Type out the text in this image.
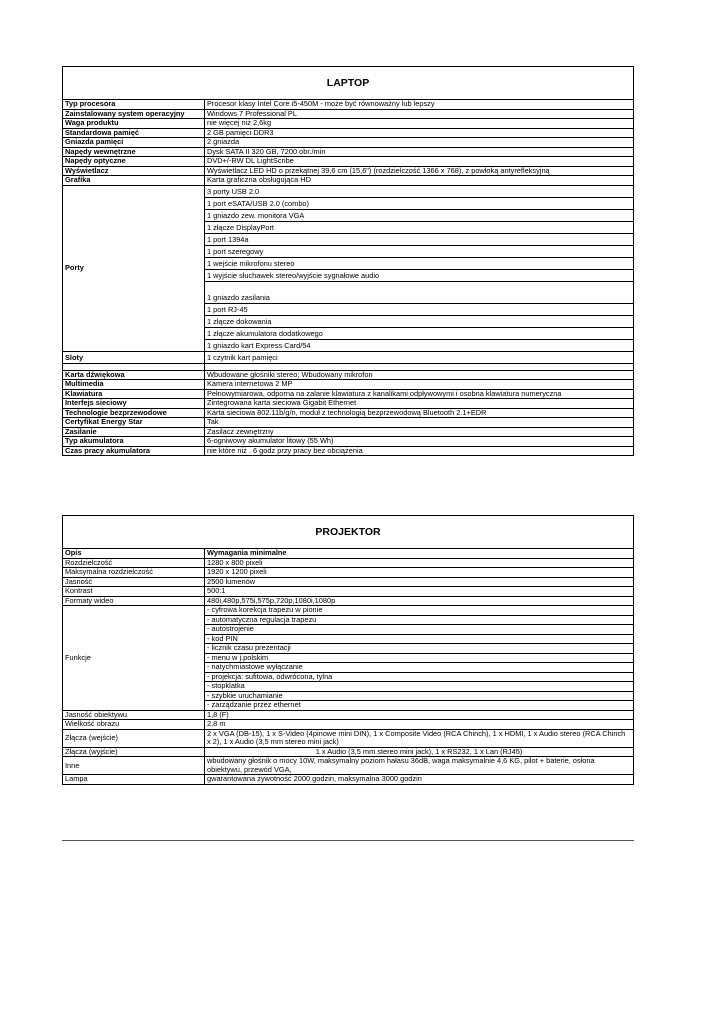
LAPTOP	
Typ procesora	Procesor klasy Intel Core i5-450M - może być równoważny lub lepszy
Zainstalowany system operacyjny	Windows 7 Professional PL
Waga produktu	nie więcej niż 2,6kg
Standardowa pamięć	2 GB pamięci DDR3
Gniazda pamięci	2 gniazda
Napędy wewnętrzne	Dysk SATA II 320 GB, 7200 obr./min
Napędy optyczne	DVD+/-RW DL LightScribe
Wyświetlacz	Wyświetlacz LED HD o przekątnej 39,6 cm (15,6") (rozdzielczość 1366 x 768), z powłoką antyrefleksyjną
Grafika	Karta graficzna obsługująca HD
Porty	3 porty USB 2.0
	1 port eSATA/USB 2.0 (combo)
	1 gniazdo zew. monitora VGA
	1 złącze DisplayPort
	1 port 1394a
	1 port szeregowy
	1 wejście mikrofonu stereo
	1 wyjście słuchawek stereo/wyjście sygnałowe audio
	1 gniazdo zasilania
	1 port RJ-45
	1 złącze dokowania
	1 złącze akumulatora dodatkowego
	1 gniazdo kart Express Card/54
Sloty	1 czytnik kart pamięci

Karta dźwiękowa	Wbudowane głośniki stereo; Wbudowany mikrofon
Multimedia	Kamera internetowa 2 MP
Klawiatura	Pełnowymiarowa, odporna na zalanie klawiatura z kanalikami odpływowymi i osobna klawiatura numeryczna
Interfejs sieciowy	Zintegrowana karta sieciowa Gigabit Ethernet
Technologie bezprzewodowe	Karta sieciowa 802.11b/g/n, moduł z technologią bezprzewodową Bluetooth 2.1+EDR
Certyfikat Energy Star	Tak
Zasilanie	Zasilacz zewnętrzny
Typ akumulatora	6-ogniwowy akumulator litowy (55 Wh)
Czas pracy akumulatora	nie które niż . 6 godz przy pracy bez obciążenia
PROJEKTOR	
Opis	Wymagania minimalne
Rozdzielczość	1280 x 800 pixeli
Maksymalna rozdzielczość	1920 x 1200 pixeli
Jasność	2500 lumenów
Kontrast	500:1
Formaty wideo	480i,480p,575i,575p,720p,1080i,1080p
Funkcje	- cyfrowa korekcja trapezu w pionie
	- automatyczna regulacja trapezu
	- autostrojenie
	- kod PIN
	- licznik czasu prezentacji
	- menu w j.polskim
	- natychmiastowe wyłączanie
	- projekcja: sufitowa, odwrócona, tylna
	- stopklatka
	- szybkie uruchamianie
	- zarządzanie przez ethernet
Jasność obiektywu	1,8 (F)
Wielkość obrazu	2,8 m
Złącza (wejście)	2 x VGA (DB-15), 1 x S-Video (4pinowe mini DIN), 1 x Composite Video (RCA Chinch), 1 x HDMI, 1 x Audio stereo (RCA Chinch x 2), 1 x Audio (3,5 mm stereo mini jack)
Złącza (wyjście)	1 x Audio (3,5 mm stereo mini jack), 1 x RS232, 1 x Lan (RJ45)
Inne	wbudowany głośnik o mocy 10W, maksymalny poziom hałasu 36dB, waga maksymalnie 4,6 KG, pilot + baterie, osłona obiektywu, przewód VGA,
Lampa	gwarantowana żywotność 2000 godzin, maksymalna 3000 godzin
